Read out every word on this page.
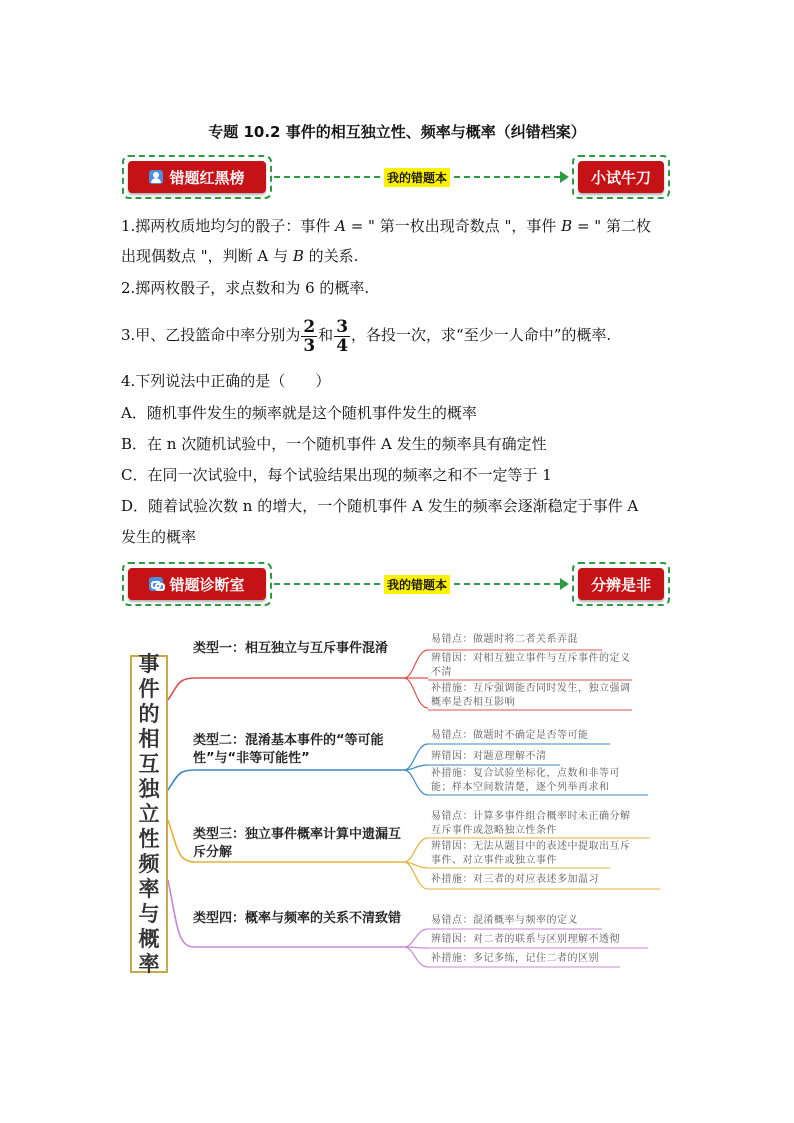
专题 10.2 事件的相互独立性、频率与概率（纠错档案）
错题红黑榜	我的错题本	小试牛刀
1.掷两枚质地均匀的骰子：事件 A = " 第一枚出现奇数点 "，事件 B = " 第二枚
出现偶数点 "，判断 A 与 B 的关系.
2.掷两枚骰子，求点数和为 6 的概率.
3.甲、乙投篮命中率分别为 $\frac{2}{3}$ 和 $\frac{3}{4}$ ，各投一次，求“至少一人命中”的概率.
4.下列说法中正确的是（　　）
A．随机事件发生的频率就是这个随机事件发生的概率
B．在 n 次随机试验中，一个随机事件 A 发生的频率具有确定性
C．在同一次试验中，每个试验结果出现的频率之和不一定等于 1
D．随着试验次数 n 的增大，一个随机事件 A 发生的频率会逐渐稳定于事件 A
发生的概率
错题诊断室	我的错题本	分辨是非
事
件
的
相
互
独
立
性
频
率
与
概
率
类型一：相互独立与互斥事件混淆
易错点：做题时将二者关系弄混
辨错因：对相互独立事件与互斥事件的定义不清
补措施：互斥强调能否同时发生，独立强调概率是否相互影响
类型二：混淆基本事件的“等可能性”与“非等可能性”
易错点：做题时不确定是否等可能
辨错因：对题意理解不清
补措施：复合试验坐标化，点数和非等可能；样本空间数清楚，逐个列举再求和
类型三：独立事件概率计算中遗漏互斥分解
易错点：计算多事件组合概率时未正确分解互斥事件或忽略独立性条件
辨错因：无法从题目中的表述中提取出互斥事件、对立事件或独立事件
补措施：对三者的对应表述多加温习
类型四：概率与频率的关系不清致错	易错点：混淆概率与频率的定义
辨错因：对二者的联系与区别理解不透彻
补措施：多记多练，记住二者的区别
